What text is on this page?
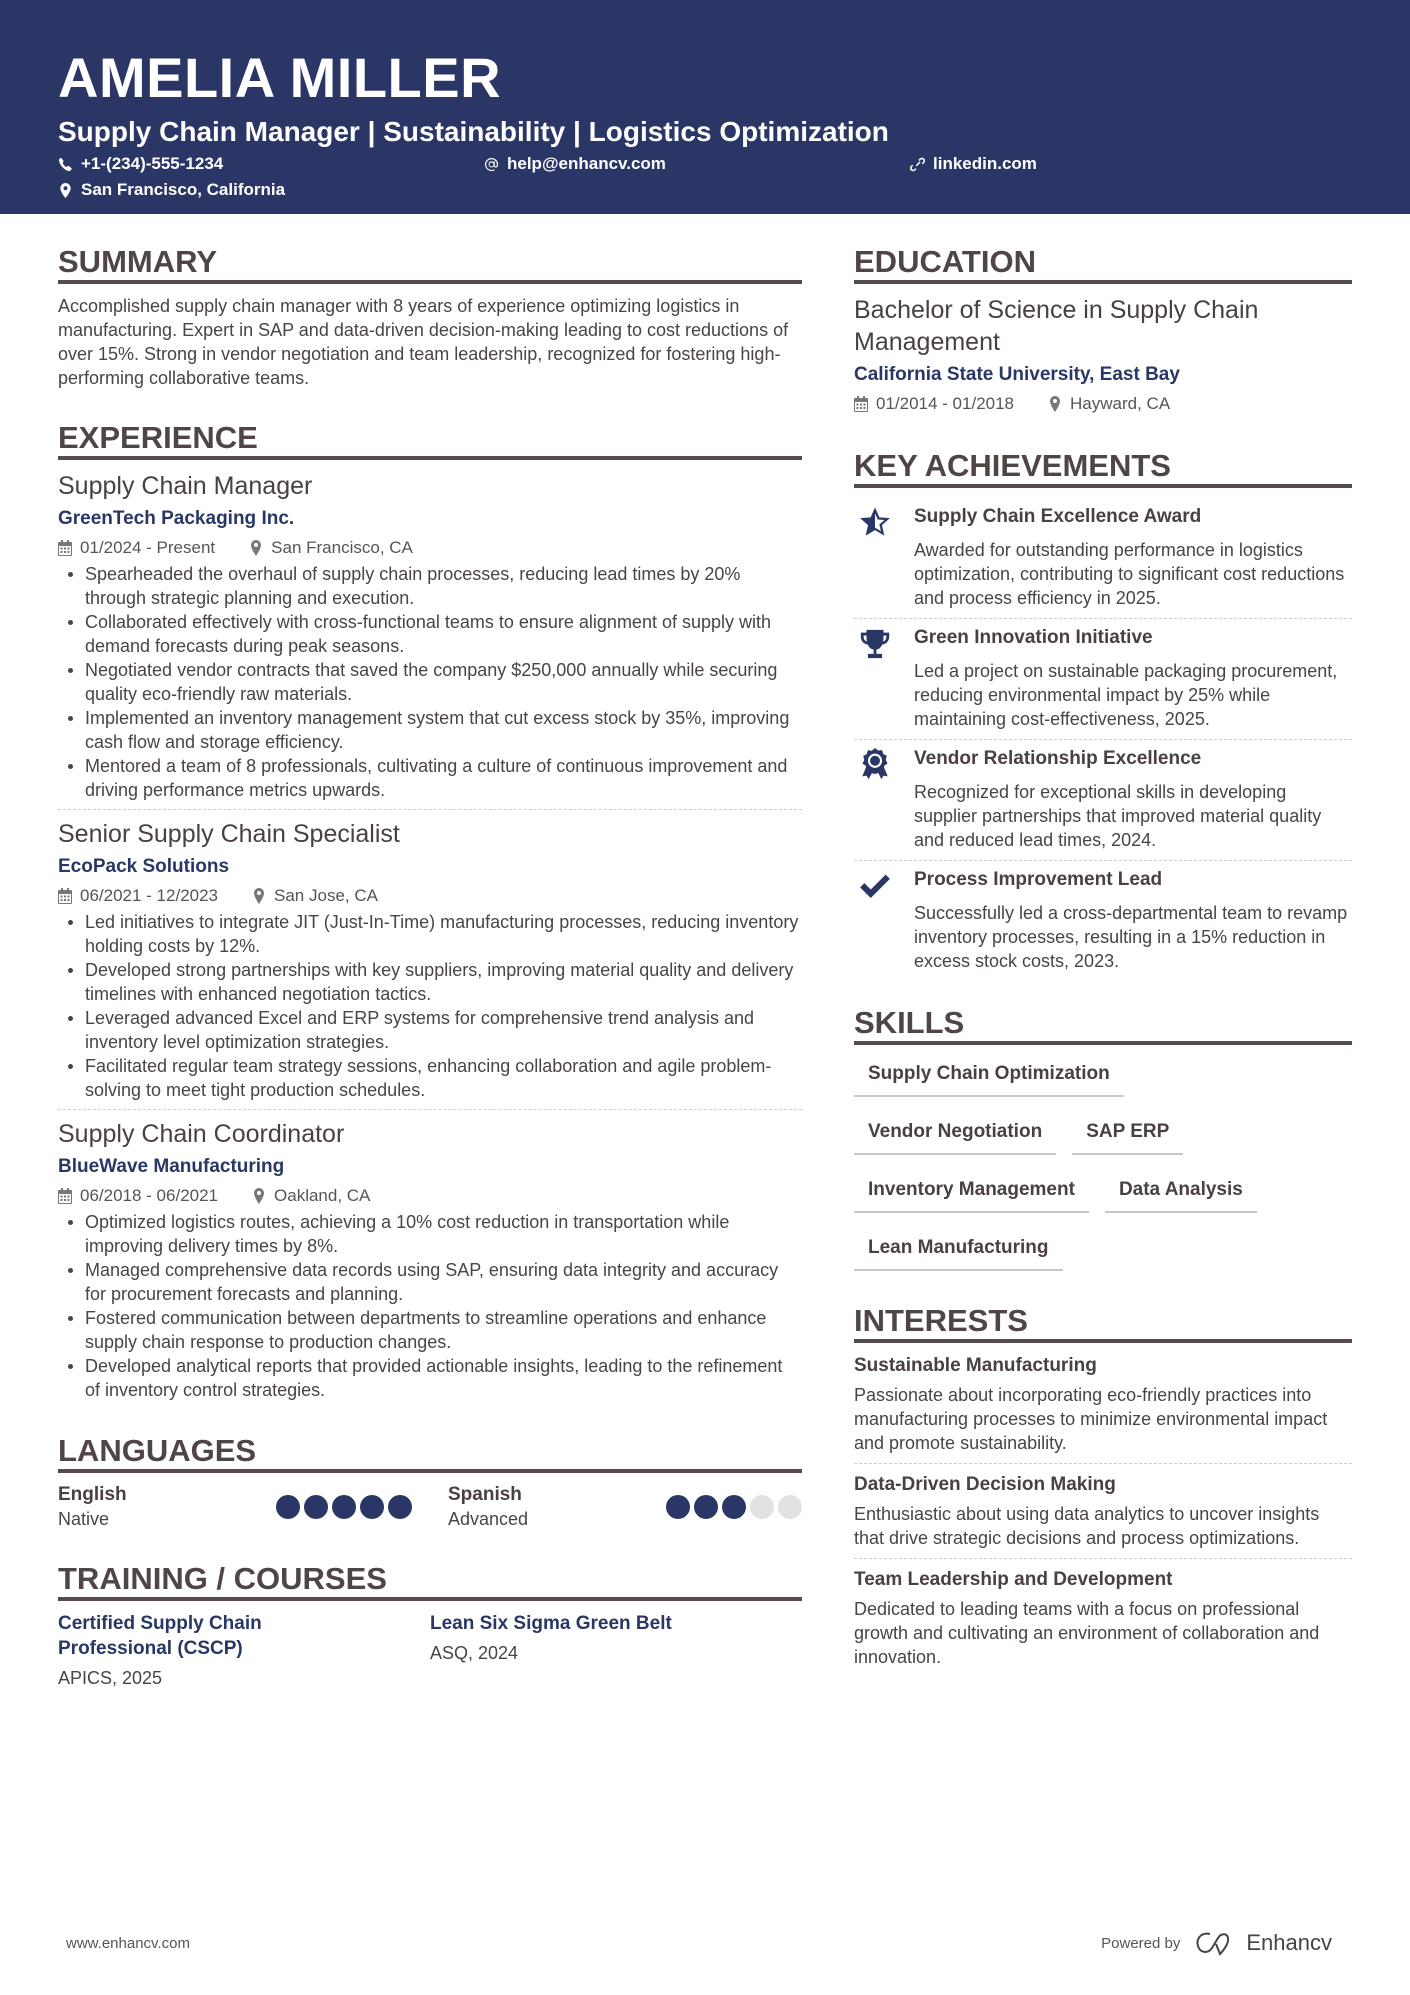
AMELIA MILLER
Supply Chain Manager | Sustainability | Logistics Optimization
+1-(234)-555-1234	help@enhancv.com	linkedin.com
San Francisco, California
SUMMARY

Accomplished supply chain manager with 8 years of experience optimizing logistics in manufacturing. Expert in SAP and data-driven decision-making leading to cost reductions of over 15%. Strong in vendor negotiation and team leadership, recognized for fostering high-performing collaborative teams.

EXPERIENCE
Supply Chain Manager
GreenTech Packaging Inc.
01/2024 - Present	San Francisco, CA
Spearheaded the overhaul of supply chain processes, reducing lead times by 20% through strategic planning and execution.
Collaborated effectively with cross-functional teams to ensure alignment of supply with demand forecasts during peak seasons.
Negotiated vendor contracts that saved the company $250,000 annually while securing quality eco-friendly raw materials.
Implemented an inventory management system that cut excess stock by 35%, improving cash flow and storage efficiency.
Mentored a team of 8 professionals, cultivating a culture of continuous improvement and driving performance metrics upwards.
Senior Supply Chain Specialist
EcoPack Solutions
06/2021 - 12/2023	San Jose, CA
Led initiatives to integrate JIT (Just-In-Time) manufacturing processes, reducing inventory holding costs by 12%.
Developed strong partnerships with key suppliers, improving material quality and delivery timelines with enhanced negotiation tactics.
Leveraged advanced Excel and ERP systems for comprehensive trend analysis and inventory level optimization strategies.
Facilitated regular team strategy sessions, enhancing collaboration and agile problem-solving to meet tight production schedules.
Supply Chain Coordinator
BlueWave Manufacturing
06/2018 - 06/2021	Oakland, CA
Optimized logistics routes, achieving a 10% cost reduction in transportation while improving delivery times by 8%.
Managed comprehensive data records using SAP, ensuring data integrity and accuracy for procurement forecasts and planning.
Fostered communication between departments to streamline operations and enhance supply chain response to production changes.
Developed analytical reports that provided actionable insights, leading to the refinement of inventory control strategies.
LANGUAGES
English
Native
Spanish
Advanced
TRAINING / COURSES
Certified Supply Chain Professional (CSCP)
APICS, 2025
Lean Six Sigma Green Belt
ASQ, 2024
EDUCATION
Bachelor of Science in Supply Chain Management
California State University, East Bay
01/2014 - 01/2018	Hayward, CA
KEY ACHIEVEMENTS
Supply Chain Excellence Award
Awarded for outstanding performance in logistics optimization, contributing to significant cost reductions and process efficiency in 2025.
Green Innovation Initiative
Led a project on sustainable packaging procurement, reducing environmental impact by 25% while maintaining cost-effectiveness, 2025.
1 Vendor Relationship Excellence
Recognized for exceptional skills in developing supplier partnerships that improved material quality and reduced lead times, 2024.
Process Improvement Lead
Successfully led a cross-departmental team to revamp inventory processes, resulting in a 15% reduction in excess stock costs, 2023.
SKILLS
Supply Chain Optimization
Vendor Negotiation	SAP ERP
Inventory Management	Data Analysis
Lean Manufacturing
INTERESTS
Sustainable Manufacturing
Passionate about incorporating eco-friendly practices into manufacturing processes to minimize environmental impact and promote sustainability.
Data-Driven Decision Making
Enthusiastic about using data analytics to uncover insights that drive strategic decisions and process optimizations.
Team Leadership and Development
Dedicated to leading teams with a focus on professional growth and cultivating an environment of collaboration and innovation.
www.enhancv.com	Powered by	Enhancv
